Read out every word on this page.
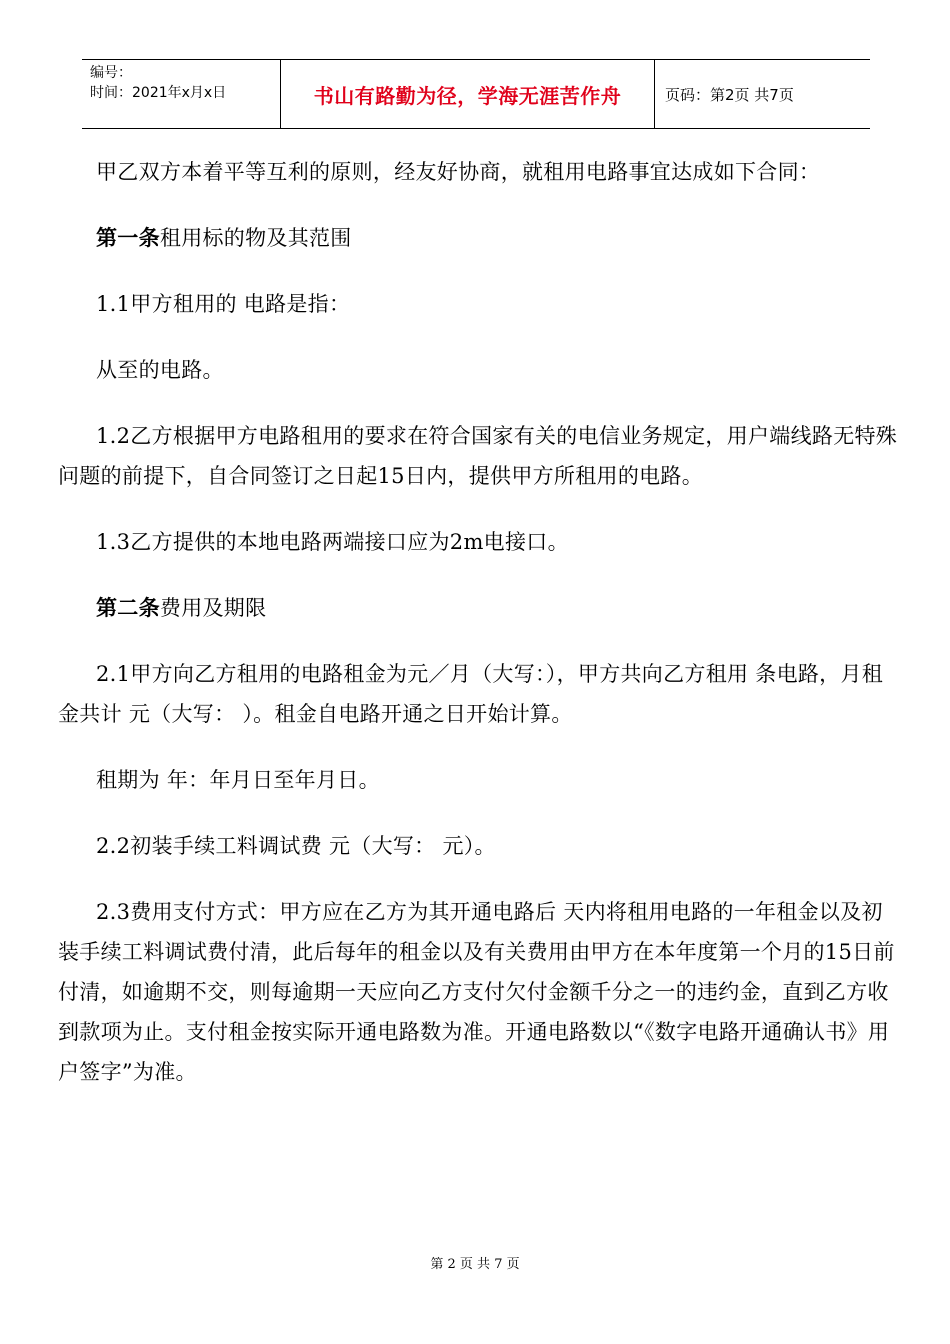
编号：
时间：2021年x月x日	书山有路勤为径，学海无涯苦作舟	页码：第2页 共7页

甲乙双方本着平等互利的原则，经友好协商，就租用电路事宜达成如下合同：

第一条租用标的物及其范围

1.1甲方租用的 电路是指：

从至的电路。

1.2乙方根据甲方电路租用的要求在符合国家有关的电信业务规定，用户端线路无特殊问题的前提下，自合同签订之日起15日内，提供甲方所租用的电路。

1.3乙方提供的本地电路两端接口应为2m电接口。

第二条费用及期限

2.1甲方向乙方租用的电路租金为元／月（大写：），甲方共向乙方租用 条电路，月租金共计 元（大写： ）。租金自电路开通之日开始计算。

租期为 年：年月日至年月日。

2.2初装手续工料调试费 元（大写： 元）。

2.3费用支付方式：甲方应在乙方为其开通电路后 天内将租用电路的一年租金以及初装手续工料调试费付清，此后每年的租金以及有关费用由甲方在本年度第一个月的15日前付清，如逾期不交，则每逾期一天应向乙方支付欠付金额千分之一的违约金，直到乙方收到款项为止。支付租金按实际开通电路数为准。开通电路数以“《数字电路开通确认书》用户签字”为准。

第 2 页 共 7 页
